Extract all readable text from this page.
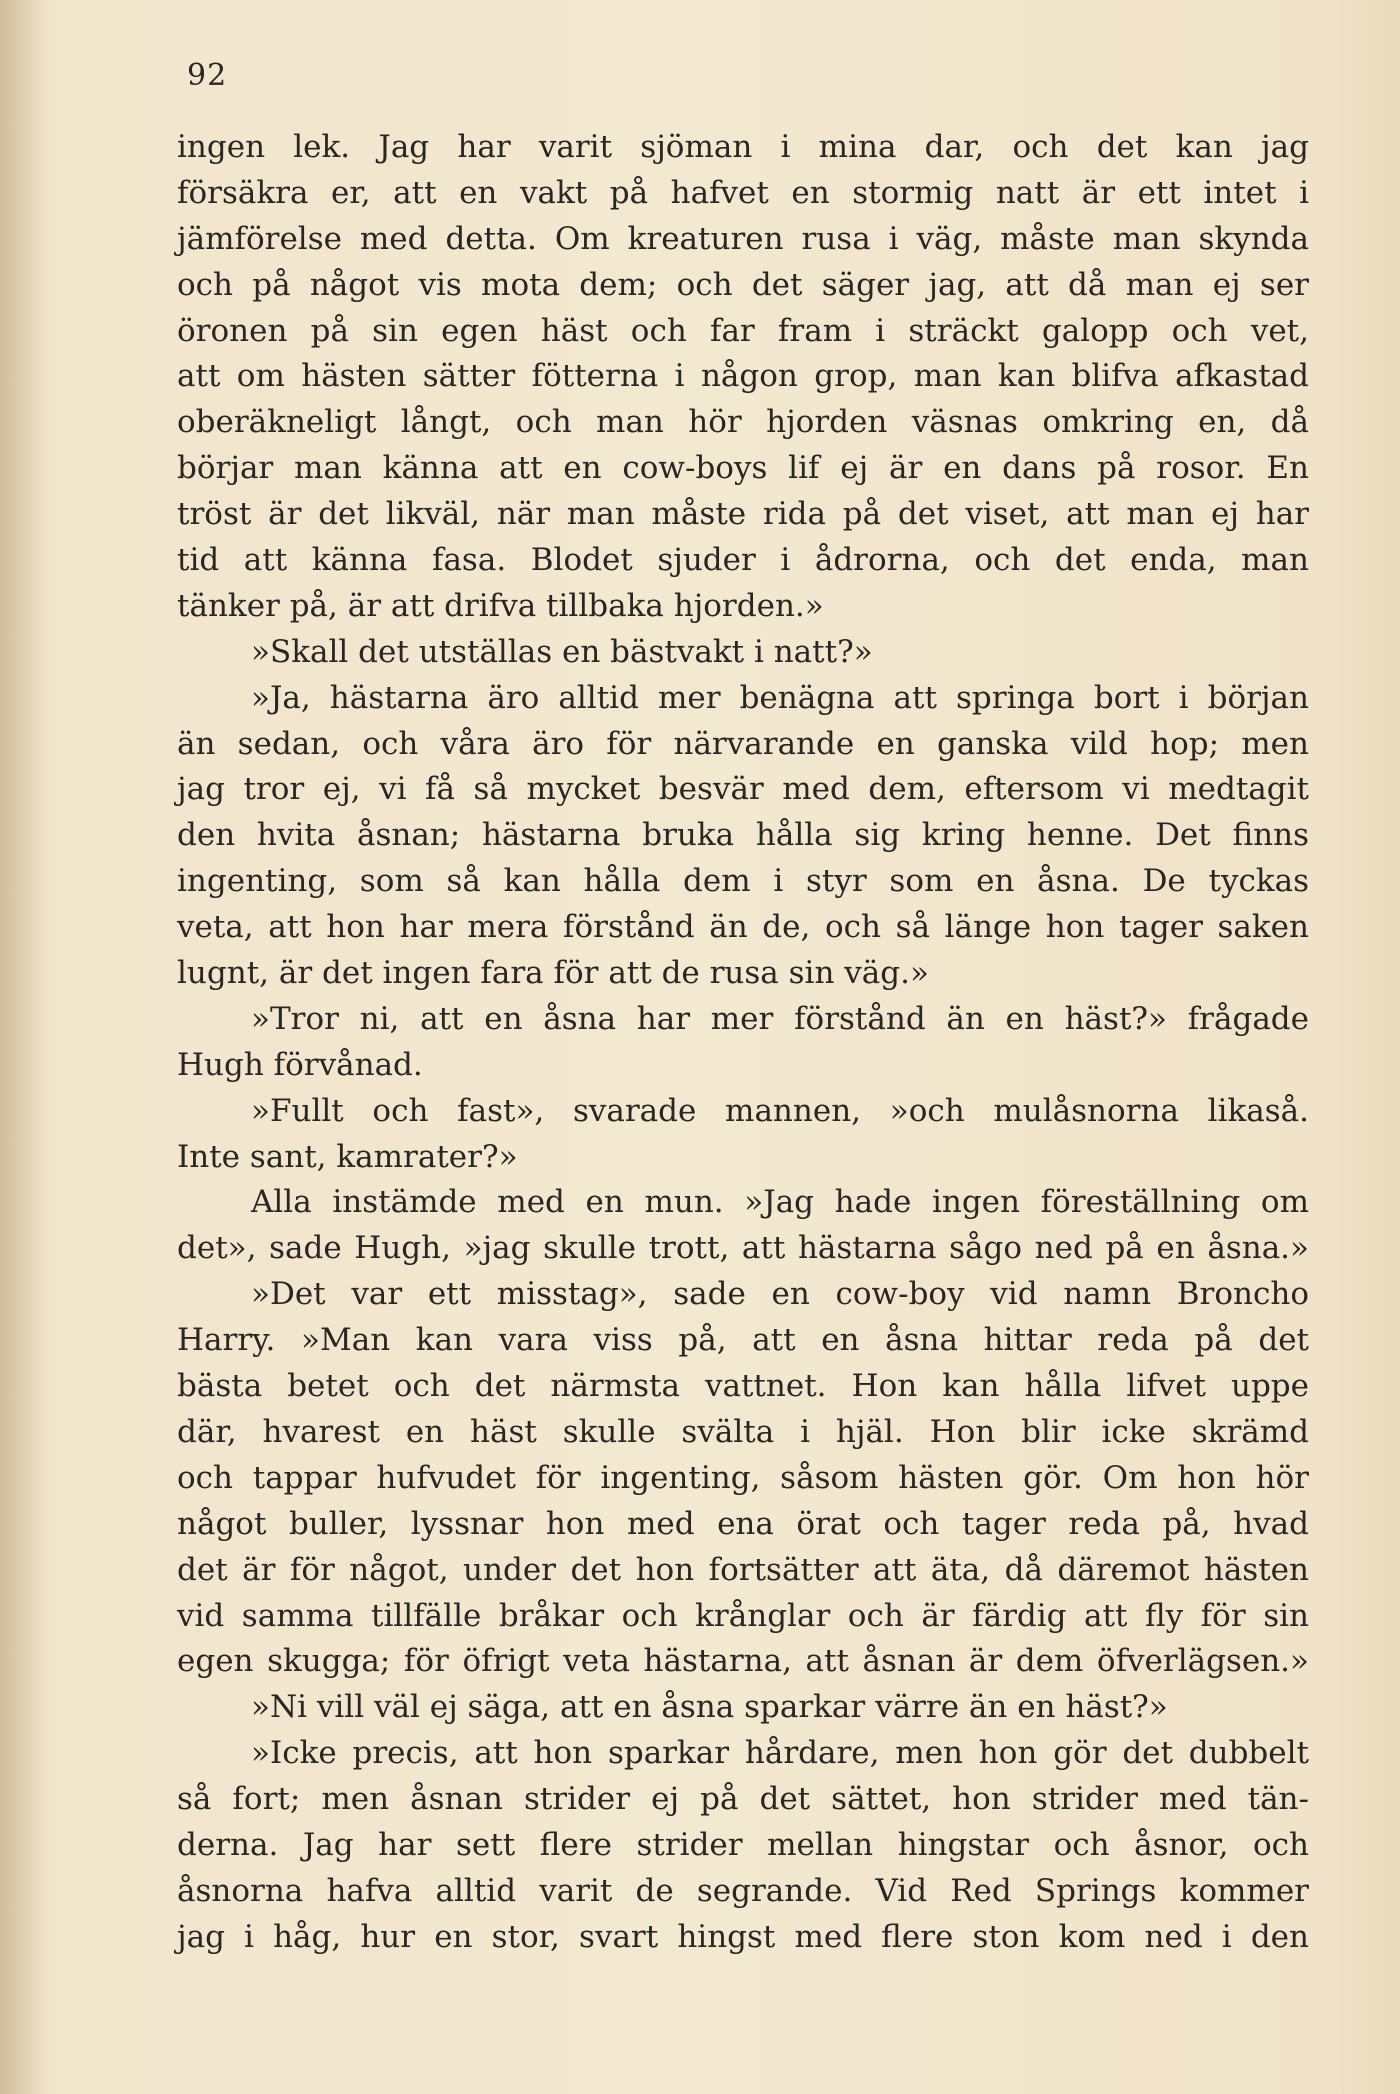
92
ingen lek. Jag har varit sjöman i mina dar, och det kan jag
försäkra er, att en vakt på hafvet en stormig natt är ett intet i
jämförelse med detta. Om kreaturen rusa i väg, måste man skynda
och på något vis mota dem; och det säger jag, att då man ej ser
öronen på sin egen häst och far fram i sträckt galopp och vet,
att om hästen sätter fötterna i någon grop, man kan blifva afkastad
oberäkneligt långt, och man hör hjorden väsnas omkring en, då
börjar man känna att en cow-boys lif ej är en dans på rosor. En
tröst är det likväl, när man måste rida på det viset, att man ej har
tid att känna fasa. Blodet sjuder i ådrorna, och det enda, man
tänker på, är att drifva tillbaka hjorden.»
»Skall det utställas en bästvakt i natt?»
»Ja, hästarna äro alltid mer benägna att springa bort i början
än sedan, och våra äro för närvarande en ganska vild hop; men
jag tror ej, vi få så mycket besvär med dem, eftersom vi medtagit
den hvita åsnan; hästarna bruka hålla sig kring henne. Det finns
ingenting, som så kan hålla dem i styr som en åsna. De tyckas
veta, att hon har mera förstånd än de, och så länge hon tager saken
lugnt, är det ingen fara för att de rusa sin väg.»
»Tror ni, att en åsna har mer förstånd än en häst?» frågade
Hugh förvånad.
»Fullt och fast», svarade mannen, »och mulåsnorna likaså.
Inte sant, kamrater?»
Alla instämde med en mun. »Jag hade ingen föreställning om
det», sade Hugh, »jag skulle trott, att hästarna sågo ned på en åsna.»
»Det var ett misstag», sade en cow-boy vid namn Broncho
Harry. »Man kan vara viss på, att en åsna hittar reda på det
bästa betet och det närmsta vattnet. Hon kan hålla lifvet uppe
där, hvarest en häst skulle svälta i hjäl. Hon blir icke skrämd
och tappar hufvudet för ingenting, såsom hästen gör. Om hon hör
något buller, lyssnar hon med ena örat och tager reda på, hvad
det är för något, under det hon fortsätter att äta, då däremot hästen
vid samma tillfälle bråkar och krånglar och är färdig att fly för sin
egen skugga; för öfrigt veta hästarna, att åsnan är dem öfverlägsen.»
»Ni vill väl ej säga, att en åsna sparkar värre än en häst?»
»Icke precis, att hon sparkar hårdare, men hon gör det dubbelt
så fort; men åsnan strider ej på det sättet, hon strider med tän-
derna. Jag har sett flere strider mellan hingstar och åsnor, och
åsnorna hafva alltid varit de segrande. Vid Red Springs kommer
jag i håg, hur en stor, svart hingst med flere ston kom ned i den
